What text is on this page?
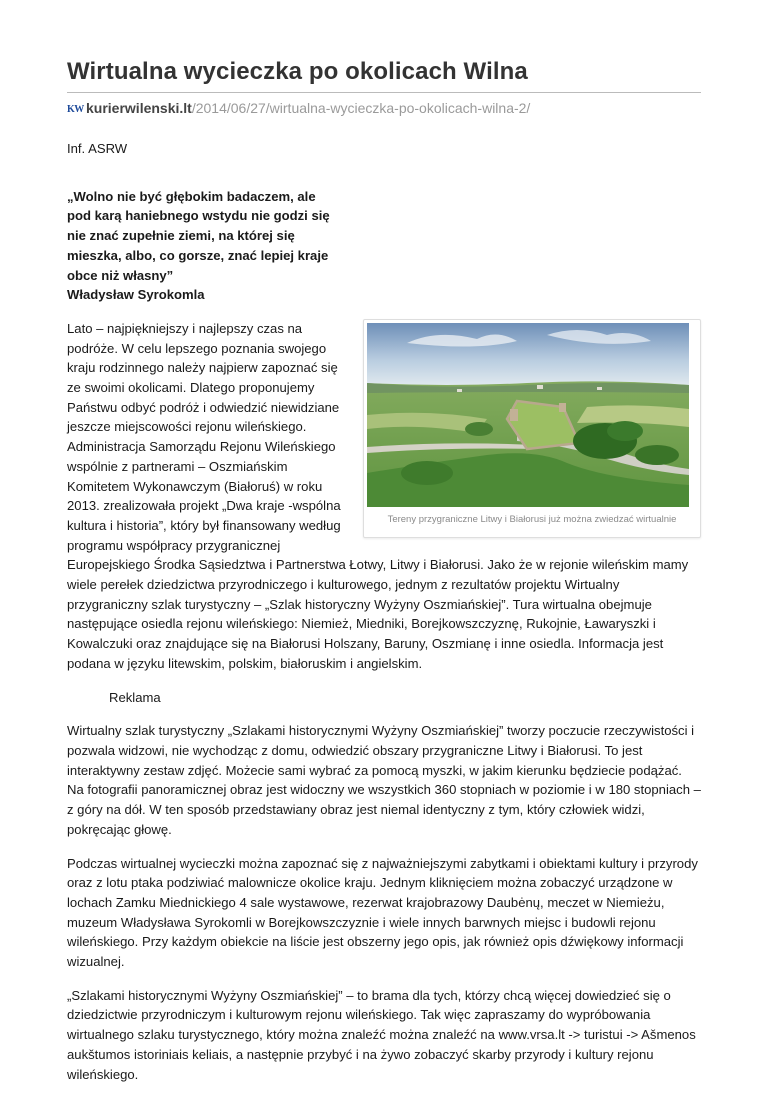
Wirtualna wycieczka po okolicach Wilna
KW kurierwilenski.lt/2014/06/27/wirtualna-wycieczka-po-okolicach-wilna-2/

Inf. ASRW

„Wolno nie być głębokim badaczem, ale
pod karą haniebnego wstydu nie godzi się
nie znać zupełnie ziemi, na której się
mieszka, albo, co gorsze, znać lepiej kraje
obce niż własny”
Władysław Syrokomla
Tereny przygraniczne Litwy i Białorusi już można zwiedzać wirtualnie

Lato – najpiękniejszy i najlepszy czas na podróże. W celu lepszego poznania swojego kraju rodzinnego należy najpierw zapoznać się ze swoimi okolicami. Dlatego proponujemy Państwu odbyć podróż i odwiedzić niewidziane jeszcze miejscowości rejonu wileńskiego. Administracja Samorządu Rejonu Wileńskiego wspólnie z partnerami – Oszmiańskim Komitetem Wykonawczym (Białoruś) w roku 2013. zrealizowała projekt „Dwa kraje -wspólna kultura i historia”, który był finansowany według programu współpracy przygranicznej Europejskiego Środka Sąsiedztwa i Partnerstwa Łotwy, Litwy i Białorusi. Jako że w rejonie wileńskim mamy wiele perełek dziedzictwa przyrodniczego i kulturowego, jednym z rezultatów projektu Wirtualny przygraniczny szlak turystyczny – „Szlak historyczny Wyżyny Oszmiańskiej”. Tura wirtualna obejmuje następujące osiedla rejonu wileńskiego: Niemież, Miedniki, Borejkowszczyznę, Rukojnie, Ławaryszki i Kowalczuki oraz znajdujące się na Białorusi Holszany, Baruny, Oszmianę i inne osiedla. Informacja jest podana w języku litewskim, polskim, białoruskim i angielskim.

Reklama

Wirtualny szlak turystyczny „Szlakami historycznymi Wyżyny Oszmiańskiej” tworzy poczucie rzeczywistości i pozwala widzowi, nie wychodząc z domu, odwiedzić obszary przygraniczne Litwy i Białorusi. To jest interaktywny zestaw zdjęć. Możecie sami wybrać za pomocą myszki, w jakim kierunku będziecie podążać. Na fotografii panoramicznej obraz jest widoczny we wszystkich 360 stopniach w poziomie i w 180 stopniach – z góry na dół. W ten sposób przedstawiany obraz jest niemal identyczny z tym, który człowiek widzi, pokręcając głowę.

Podczas wirtualnej wycieczki można zapoznać się z najważniejszymi zabytkami i obiektami kultury i przyrody oraz z lotu ptaka podziwiać malownicze okolice kraju. Jednym kliknięciem można zobaczyć urządzone w lochach Zamku Miednickiego 4 sale wystawowe, rezerwat krajobrazowy Daubėnų, meczet w Niemieżu, muzeum Władysława Syrokomli w Borejkowszczyznie i wiele innych barwnych miejsc i budowli rejonu wileńskiego. Przy każdym obiekcie na liście jest obszerny jego opis, jak również opis dźwiękowy informacji wizualnej.

„Szlakami historycznymi Wyżyny Oszmiańskiej” – to brama dla tych, którzy chcą więcej dowiedzieć się o dziedzictwie przyrodniczym i kulturowym rejonu wileńskiego. Tak więc zapraszamy do wypróbowania wirtualnego szlaku turystycznego, który można znaleźć można znaleźć na www.vrsa.lt -> turistui -> Ašmenos aukštumos istoriniais keliais, a następnie przybyć i na żywo zobaczyć skarby przyrody i kultury rejonu wileńskiego.
